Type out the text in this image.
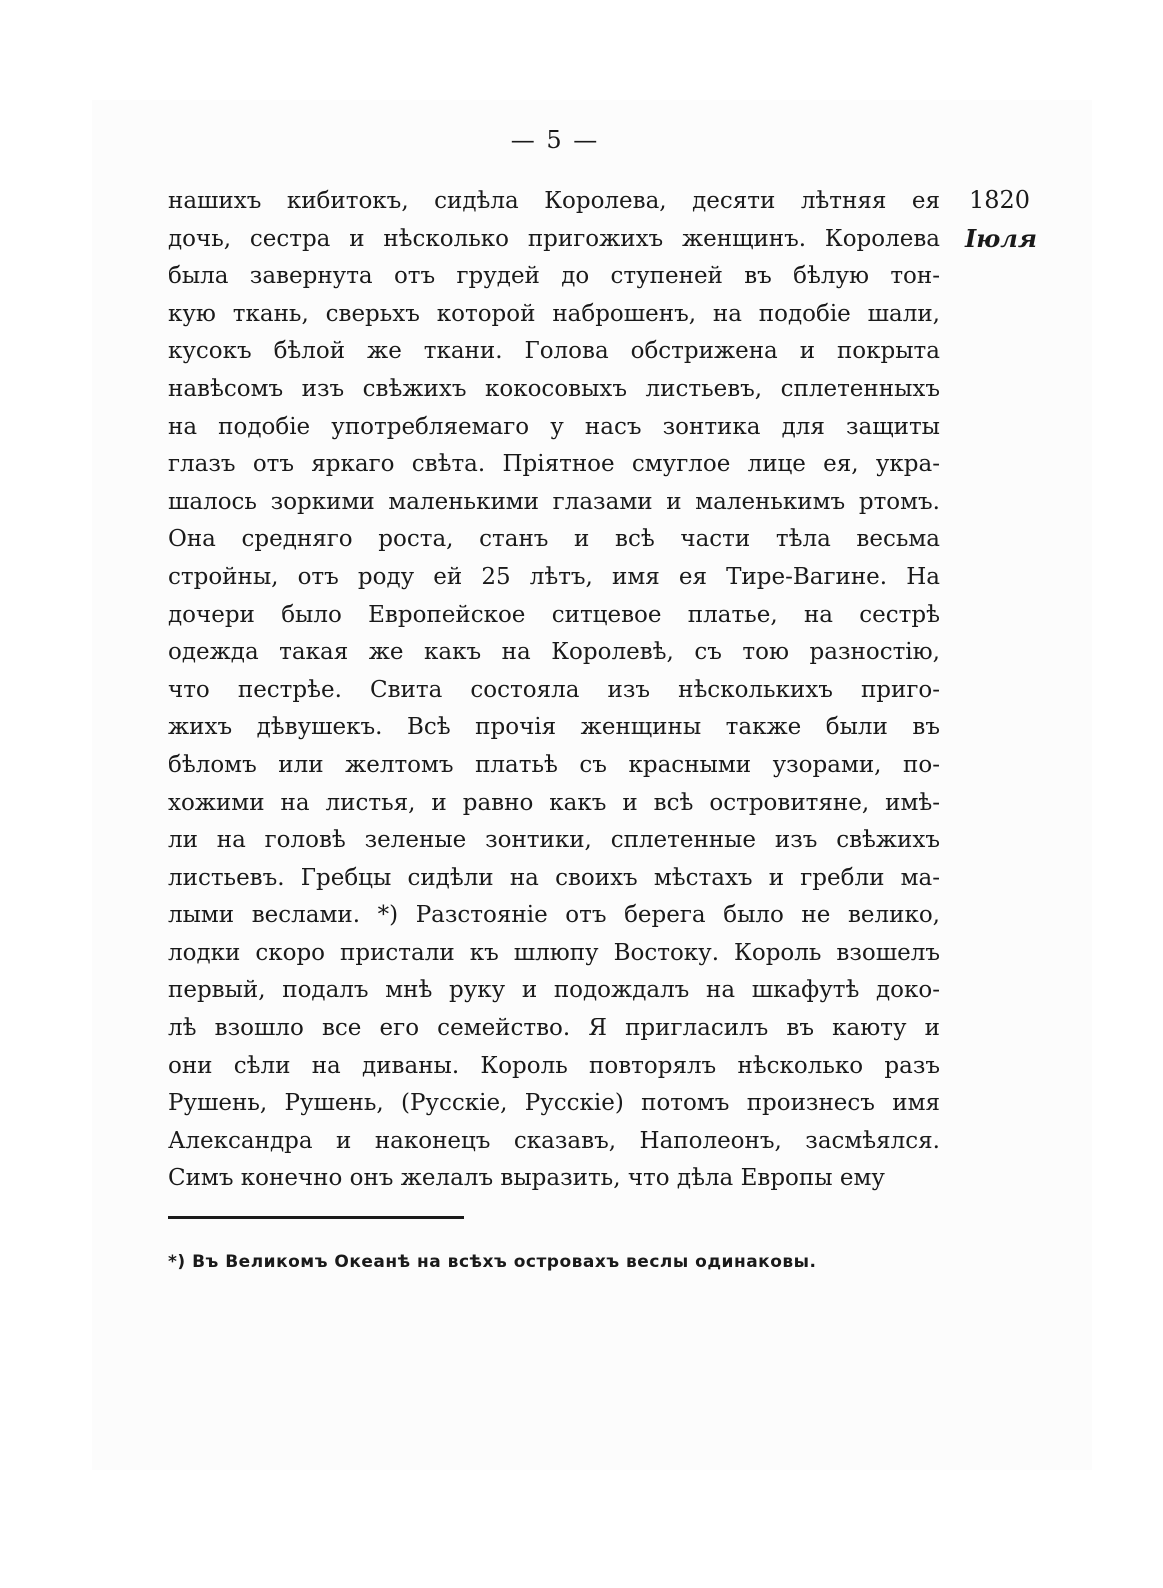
— 5 —
1820
Іюля
нашихъ кибитокъ, сидѣла Королева, десяти лѣтняя ея
дочь, сестра и нѣсколько пригожихъ женщинъ. Королева
была завернута отъ грудей до ступеней въ бѣлую тон-
кую ткань, сверьхъ которой наброшенъ, на подобіе шали,
кусокъ бѣлой же ткани. Голова обстрижена и покрыта
навѣсомъ изъ свѣжихъ кокосовыхъ листьевъ, сплетенныхъ
на подобіе употребляемаго у насъ зонтика для защиты
глазъ отъ яркаго свѣта. Пріятное смуглое лице ея, укра-
шалось зоркими маленькими глазами и маленькимъ ртомъ.
Она средняго роста, станъ и всѣ части тѣла весьма
стройны, отъ роду ей 25 лѣтъ, имя ея Тире-Вагине. На
дочери было Европейское ситцевое платье, на сестрѣ
одежда такая же какъ на Королевѣ, съ тою разностію,
что пестрѣе. Свита состояла изъ нѣсколькихъ приго-
жихъ дѣвушекъ. Всѣ прочія женщины также были въ
бѣломъ или желтомъ платьѣ съ красными узорами, по-
хожими на листья, и равно какъ и всѣ островитяне, имѣ-
ли на головѣ зеленые зонтики, сплетенные изъ свѣжихъ
листьевъ. Гребцы сидѣли на своихъ мѣстахъ и гребли ма-
лыми веслами. *) Разстояніе отъ берега было не велико,
лодки скоро пристали къ шлюпу Востоку. Король взошелъ
первый, подалъ мнѣ руку и подождалъ на шкафутѣ доко-
лѣ взошло все его семейство. Я пригласилъ въ каюту и
они сѣли на диваны. Король повторялъ нѣсколько разъ
Рушень, Рушень, (Русскіе, Русскіе) потомъ произнесъ имя
Александра и наконецъ сказавъ, Наполеонъ, засмѣялся.
Симъ конечно онъ желалъ выразить, что дѣла Европы ему
*) Въ Великомъ Океанѣ на всѣхъ островахъ веслы одинаковы.
